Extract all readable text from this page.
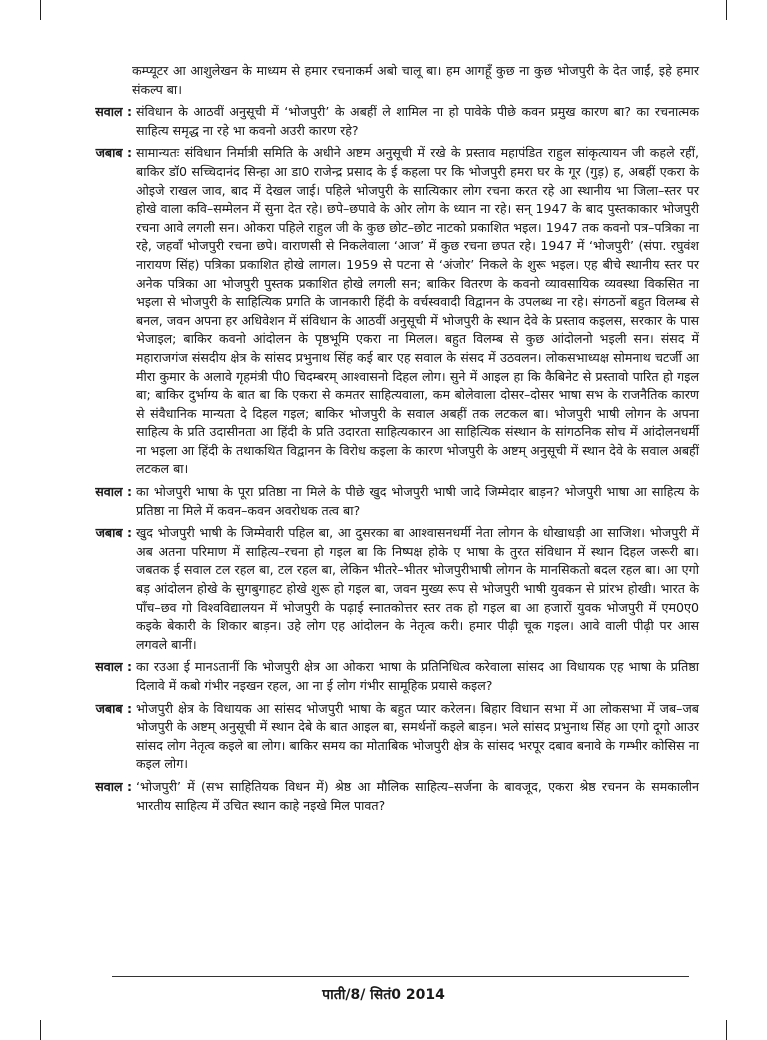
कम्प्यूटर आ आशुलेखन के माध्यम से हमार रचनाकर्म अबो चालू बा। हम आगहूँ कुछ ना कुछ भोजपुरी के देत जाईं, इहे हमार संकल्प बा।

सवाल : संविधान के आठवीं अनुसूची में ‘भोजपुरी’ के अबहीं ले शामिल ना हो पावेके पीछे कवन प्रमुख कारण बा? का रचनात्मक साहित्य समृद्ध ना रहे भा कवनो अउरी कारण रहे?
जबाब : सामान्यतः संविधान निर्मात्री समिति के अधीने अष्टम अनुसूची में रखे के प्रस्ताव महापंडित राहुल सांकृत्यायन जी कहले रहीं, बाकिर डॉ0 सच्चिदानंद सिन्हा आ डा0 राजेन्द्र प्रसाद के ई कहला पर कि भोजपुरी हमरा घर के गूर (गुड़) ह, अबहीं एकरा के ओइजे राखल जाव, बाद में देखल जाई। पहिले भोजपुरी के सात्यिकार लोग रचना करत रहे आ स्थानीय भा जिला–स्तर पर होखे वाला कवि–सम्मेलन में सुना देत रहे। छपे–छपावे के ओर लोग के ध्यान ना रहे। सन् 1947 के बाद पुस्तकाकार भोजपुरी रचना आवे लगली सन। ओकरा पहिले राहुल जी के कुछ छोट–छोट नाटको प्रकाशित भइल। 1947 तक कवनो पत्र–पत्रिका ना रहे, जहवाँ भोजपुरी रचना छपे। वाराणसी से निकलेवाला ‘आज’ में कुछ रचना छपत रहे। 1947 में ‘भोजपुरी’ (संपा. रघुवंश नारायण सिंह) पत्रिका प्रकाशित होखे लागल। 1959 से पटना से ‘अंजोर’ निकले के शुरू भइल। एह बीचे स्थानीय स्तर पर अनेक पत्रिका आ भोजपुरी पुस्तक प्रकाशित होखे लगली सन; बाकिर वितरण के कवनो व्यावसायिक व्यवस्था विकसित ना भइला से भोजपुरी के साहित्यिक प्रगति के जानकारी हिंदी के वर्चस्ववादी विद्वानन के उपलब्ध ना रहे। संगठनों बहुत विलम्ब से बनल, जवन अपना हर अधिवेशन में संविधान के आठवीं अनुसूची में भोजपुरी के स्थान देवे के प्रस्ताव कइलस, सरकार के पास भेजाइल; बाकिर कवनो आंदोलन के पृष्ठभूमि एकरा ना मिलल। बहुत विलम्ब से कुछ आंदोलनो भइली सन। संसद में महाराजगंज संसदीय क्षेत्र के सांसद प्रभुनाथ सिंह कई बार एह सवाल के संसद में उठवलन। लोकसभाध्यक्ष सोमनाथ चटर्जी आ मीरा कुमार के अलावे गृहमंत्री पी0 चिदम्बरम् आश्वासनो दिहल लोग। सुने में आइल हा कि कैबिनेट से प्रस्तावो पारित हो गइल बा; बाकिर दुर्भाग्य के बात बा कि एकरा से कमतर साहित्यवाला, कम बोलेवाला दोसर–दोसर भाषा सभ के राजनैतिक कारण से संवैधानिक मान्यता दे दिहल गइल; बाकिर भोजपुरी के सवाल अबहीं तक लटकल बा। भोजपुरी भाषी लोगन के अपना साहित्य के प्रति उदासीनता आ हिंदी के प्रति उदारता साहित्यकारन आ साहित्यिक संस्थान के सांगठनिक सोच में आंदोलनधर्मी ना भइला आ हिंदी के तथाकथित विद्वानन के विरोध कइला के कारण भोजपुरी के अष्टम् अनुसूची में स्थान देवे के सवाल अबहीं लटकल बा।
सवाल : का भोजपुरी भाषा के पूरा प्रतिष्ठा ना मिले के पीछे खुद भोजपुरी भाषी जादे जिम्मेदार बाड़न? भोजपुरी भाषा आ साहित्य के प्रतिष्ठा ना मिले में कवन–कवन अवरोधक तत्व बा?
जबाब : खुद भोजपुरी भाषी के जिम्मेवारी पहिल बा, आ दुसरका बा आश्वासनधर्मी नेता लोगन के धोखाधड़ी आ साजिश। भोजपुरी में अब अतना परिमाण में साहित्य–रचना हो गइल बा कि निष्पक्ष होके ए भाषा के तुरत संविधान में स्थान दिहल जरूरी बा। जबतक ई सवाल टल रहल बा, टल रहल बा, लेकिन भीतरे–भीतर भोजपुरीभाषी लोगन के मानसिकतो बदल रहल बा। आ एगो बड़ आंदोलन होखे के सुगबुगाहट होखे शुरू हो गइल बा, जवन मुख्य रूप से भोजपुरी भाषी युवकन से प्रांरभ होखी। भारत के पाँच–छव गो विश्वविद्यालयन में भोजपुरी के पढ़ाई स्नातकोत्तर स्तर तक हो गइल बा आ हजारों युवक भोजपुरी में एम0ए0 कइके बेकारी के शिकार बाड़न। उहे लोग एह आंदोलन के नेतृत्व करी। हमार पीढ़ी चूक गइल। आवे वाली पीढ़ी पर आस लगवले बानीं।
सवाल : का रउआ ई मानऽतानीं कि भोजपुरी क्षेत्र आ ओकरा भाषा के प्रतिनिधित्व करेवाला सांसद आ विधायक एह भाषा के प्रतिष्ठा दिलावे में कबो गंभीर नइखन रहल, आ ना ई लोग गंभीर सामूहिक प्रयासे कइल?
जबाब : भोजपुरी क्षेत्र के विधायक आ सांसद भोजपुरी भाषा के बहुत प्यार करेलन। बिहार विधान सभा में आ लोकसभा में जब–जब भोजपुरी के अष्टम् अनुसूची में स्थान देबे के बात आइल बा, समर्थनों कइले बाड़न। भले सांसद प्रभुनाथ सिंह आ एगो दूगो आउर सांसद लोग नेतृत्व कइले बा लोग। बाकिर समय का मोताबिक भोजपुरी क्षेत्र के सांसद भरपूर दबाव बनावे के गम्भीर कोसिस ना कइल लोग।
सवाल : ‘भोजपुरी’ में (सभ साहितियक विधन में) श्रेष्ठ आ मौलिक साहित्य–सर्जना के बावजूद, एकरा श्रेष्ठ रचनन के समकालीन भारतीय साहित्य में उचित स्थान काहे नइखे मिल पावत?
पाती/8/ सितं0 2014
